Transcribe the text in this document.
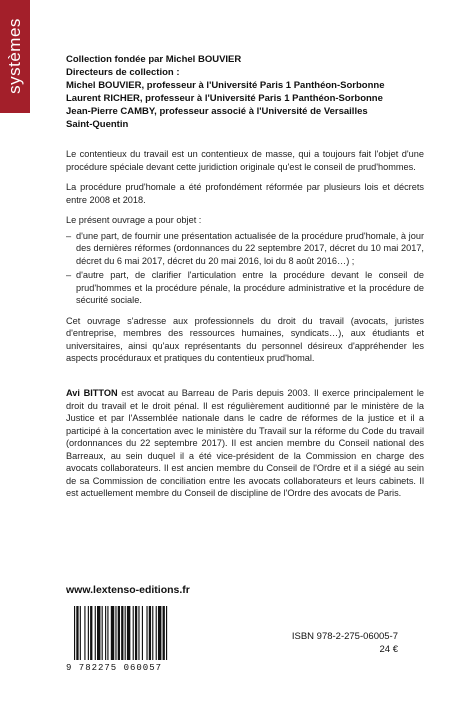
systèmes	Collection fondée par Michel BOUVIER
Directeurs de collection :
Michel BOUVIER, professeur à l'Université Paris 1 Panthéon-Sorbonne
Laurent RICHER, professeur à l'Université Paris 1 Panthéon-Sorbonne
Jean-Pierre CAMBY, professeur associé à l'Université de Versailles
Saint-Quentin

Le contentieux du travail est un contentieux de masse, qui a toujours fait l'objet d'une procédure spéciale devant cette juridiction originale qu'est le conseil de prud'hommes.

La procédure prud'homale a été profondément réformée par plusieurs lois et décrets entre 2008 et 2018.

Le présent ouvrage a pour objet :

– d'une part, de fournir une présentation actualisée de la procédure prud'homale, à jour des dernières réformes (ordonnances du 22 septembre 2017, décret du 10 mai 2017, décret du 6 mai 2017, décret du 20 mai 2016, loi du 8 août 2016…) ;
– d'autre part, de clarifier l'articulation entre la procédure devant le conseil de prud'hommes et la procédure pénale, la procédure administrative et la procédure de sécurité sociale.

Cet ouvrage s'adresse aux professionnels du droit du travail (avocats, juristes d'entreprise, membres des ressources humaines, syndicats…), aux étudiants et universitaires, ainsi qu'aux représentants du personnel désireux d'appréhender les aspects procéduraux et pratiques du contentieux prud'homal.

Avi BITTON est avocat au Barreau de Paris depuis 2003. Il exerce principalement le droit du travail et le droit pénal. Il est régulièrement auditionné par le ministère de la Justice et par l'Assemblée nationale dans le cadre de réformes de la justice et il a participé à la concertation avec le ministère du Travail sur la réforme du Code du travail (ordonnances du 22 septembre 2017). Il est ancien membre du Conseil national des Barreaux, au sein duquel il a été vice-président de la Commission en charge des avocats collaborateurs. Il est ancien membre du Conseil de l'Ordre et il a siégé au sein de sa Commission de conciliation entre les avocats collaborateurs et leurs cabinets. Il est actuellement membre du Conseil de discipline de l'Ordre des avocats de Paris.
www.lextenso-editions.fr
9 782275 060057
ISBN 978-2-275-06005-7
24 €
